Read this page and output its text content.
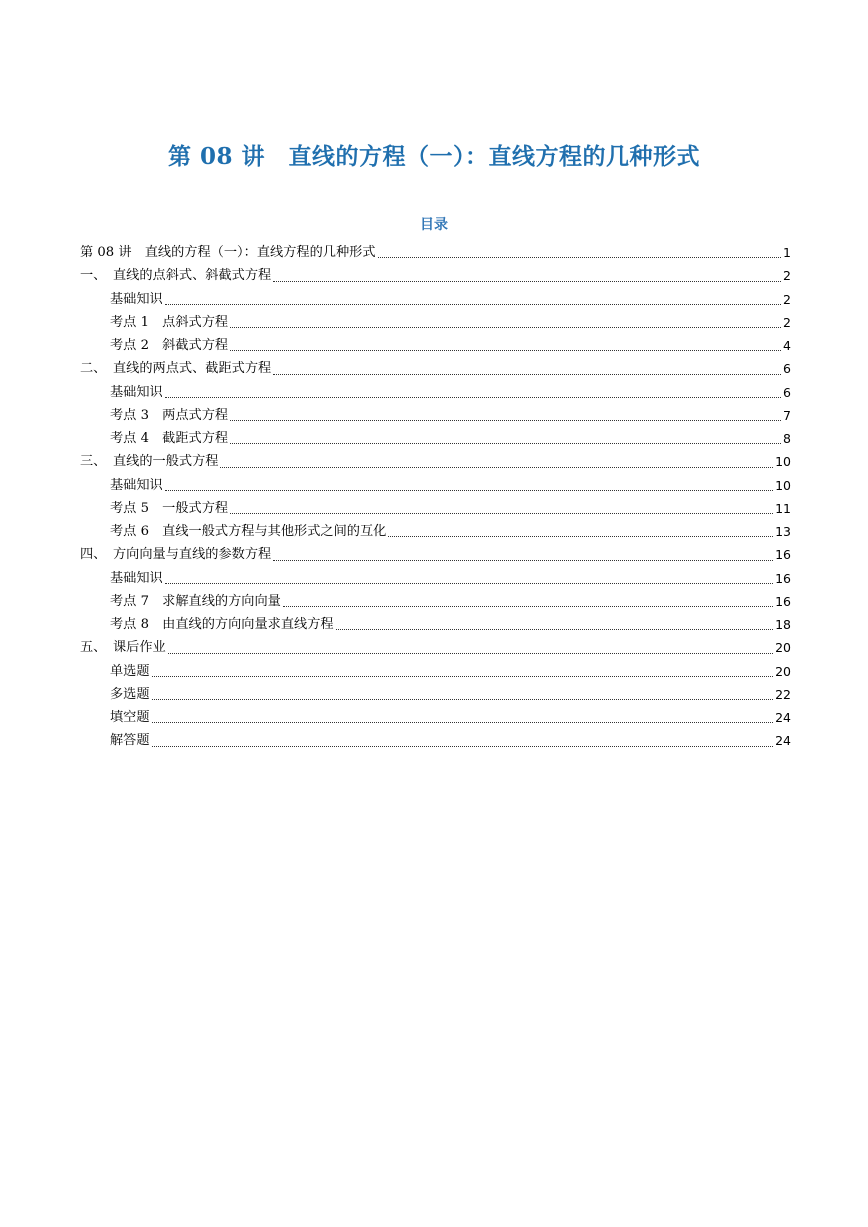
第 08 讲　直线的方程（一）：直线方程的几种形式
目录
第 08 讲　直线的方程（一）：直线方程的几种形式	1
一、　直线的点斜式、斜截式方程	2
基础知识	2
考点 1　点斜式方程	2
考点 2　斜截式方程	4
二、　直线的两点式、截距式方程	6
基础知识	6
考点 3　两点式方程	7
考点 4　截距式方程	8
三、　直线的一般式方程	10
基础知识	10
考点 5　一般式方程	11
考点 6　直线一般式方程与其他形式之间的互化	13
四、　方向向量与直线的参数方程	16
基础知识	16
考点 7　求解直线的方向向量	16
考点 8　由直线的方向向量求直线方程	18
五、　课后作业	20
单选题	20
多选题	22
填空题	24
解答题	24
